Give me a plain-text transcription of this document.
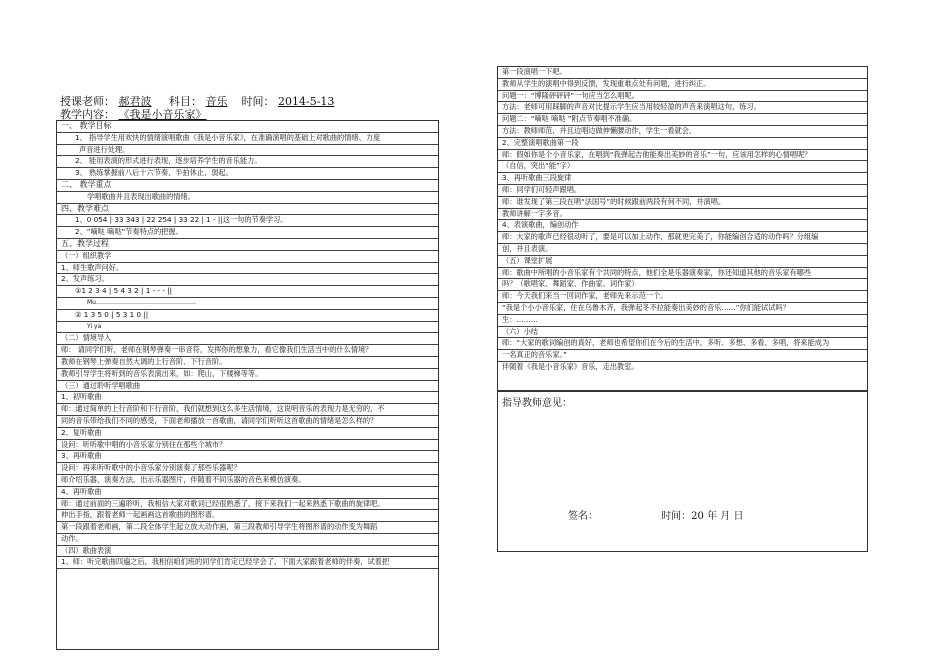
授课老师： 郝君波 科目： 音乐 时间： 2014-5-13
教学内容： 《我是小音乐家》
一、 教学目标
1、 指导学生用欢快的情绪演唱歌曲《我是小音乐家》，在准确演唱的基础上对歌曲的情绪、力度
声音进行处理。
2、 能用表演的形式进行表现，逐步培养学生的音乐能力。
3、 熟练掌握前八后十六节奏、半拍休止、弱起。
二、 教学重点
学唱歌曲并且表现出歌曲的情绪。
四、教学难点
1、0 054 | 33 343 | 22 254 | 33 22 | 1 - ||这一句的节奏学习。
2、“嘀哒 嘀哒”节奏特点的把握。
五、教学过程
（一）组织教学
1、师生歌声问好。
2、发声练习。
①1 2 3 4 | 5 4 3 2 | 1 - - - ||
Mu…………………………………………..
② 1 3 5 0 | 5 3 1 0 ||
Yi ya
（二）情境导入
师： 请同学们听，老师在钢琴弹奏一串音符，发挥你的想象力，看它像我们生活当中的什么情境？
教师在钢琴上弹奏自然大调的上行音阶、下行音阶。
教师引导学生将听到的音乐表演出来，如：爬山，下楼梯等等。
（三）通过聆听学唱歌曲
1、初听歌曲
师：通过简单的上行音阶和下行音阶，我们就想到这么多生活情境，这说明音乐的表现力是无穷的，不
同的音乐带给我们不同的感受，下面老师播放一首歌曲，请同学们听听这首歌曲的情绪是怎么样的？
2、复听歌曲
设问：听听歌中唱的小音乐家分别住在那些个城市？
3、再听歌曲
设问：再来听听歌中的小音乐家分别演奏了那些乐器呢？
师介绍乐器，演奏方法。出示乐器图片，伴随着不同乐器的音色来模仿演奏。
4、再听歌曲
师：通过前面的三遍聆听，我相信大家对歌词已经很熟悉了，接下来我们一起来熟悉下歌曲的旋律吧。
伸出手指，跟着老师一起画画这首歌曲的图形谱。
第一段跟着老师画，第二段全体学生起立放大动作画，第三段教师引导学生将图形谱的动作变为舞蹈
动作。
（四）歌曲表演
1、师：听完歌曲四遍之后，我相信咱们班的同学们肯定已经学会了，下面大家跟着老师的伴奏，试着把
第一段演唱一下吧。
教师从学生的演唱中得到反馈，发现重难点处有问题，进行纠正。
问题一：“博隆砰砰砰”一句应当怎么唱呢。
方法：老师可用踩脚的声音对比提示学生应当用较轻盈的声音来演唱这句，练习。
问题二：“嘀哒 嘀哒 ”附点节奏唱不准确。
方法：教师师范，并且边唱边做伸懒腰动作，学生一看就会。
2、完整演唱歌曲第一段
师：假如你是个小音乐家，在唱到“我弹起吉他能奏出美妙的音乐”一句，应该用怎样的心情唱呢？
（自信，突出“能”字）
3、再听歌曲三段旋律
师：同学们可轻声跟唱。
师：谁发现了第三段在唱“法国号”的时候跟前两段有何不同，并演唱。
教师讲解一字多音。
4、表演歌曲，编创动作
师：大家的歌声已经很动听了，要是可以加上动作，那就更完美了，你能编创合适的动作吗？分组编
创，并且表演。
（五）课堂扩展
师：歌曲中所唱的小音乐家有个共同的特点，他们全是乐器演奏家，你还知道其他的音乐家有哪些
吗？（歌唱家、舞蹈家、作曲家、词作家）
师：今天我们来当一回词作家，老师先来示范一个。
“我是个小小音乐家，住在乌鲁木齐，我弹起冬不拉能奏出美妙的音乐……”你们能试试吗？
生：………
（六）小结
师：“大家的歌词编创的真好，老师也希望你们在今后的生活中，多听、多想、多看、多唱，将来能成为
一名真正的音乐家。”
伴随着《我是小音乐家》音乐，走出教室。
指导教师意见：
签名：	时间：20 年 月 日
